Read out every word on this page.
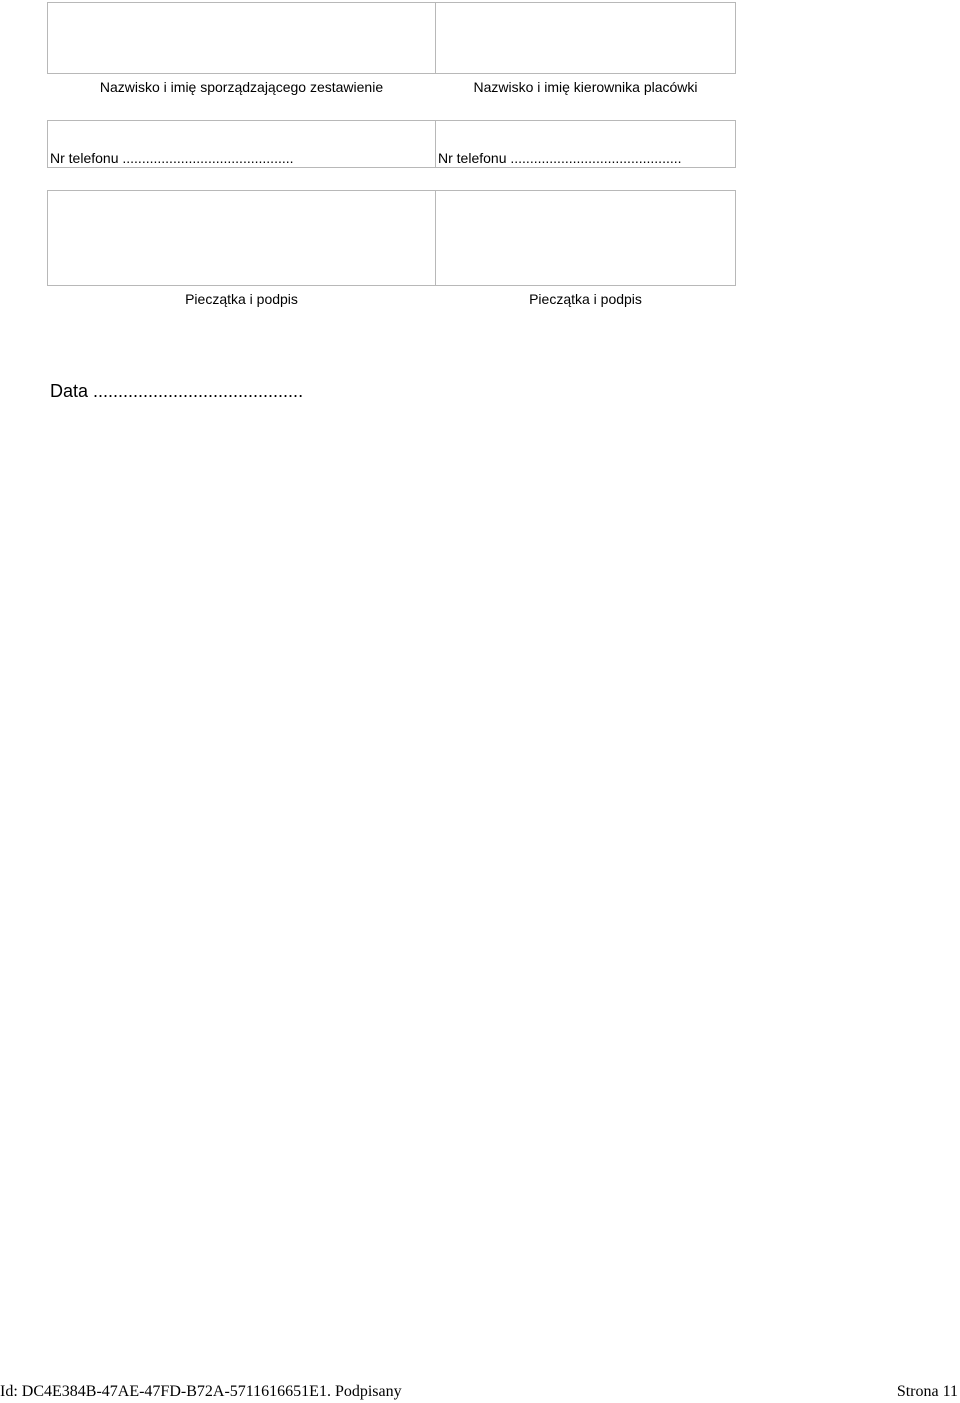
Nazwisko i imię sporządzającego zestawienie	Nazwisko i imię kierownika placówki
Nr telefonu ............................................	Nr telefonu ............................................
Pieczątka i podpis	Pieczątka i podpis
Data ..........................................
Id: DC4E384B-47AE-47FD-B72A-5711616651E1. Podpisany	Strona 11
